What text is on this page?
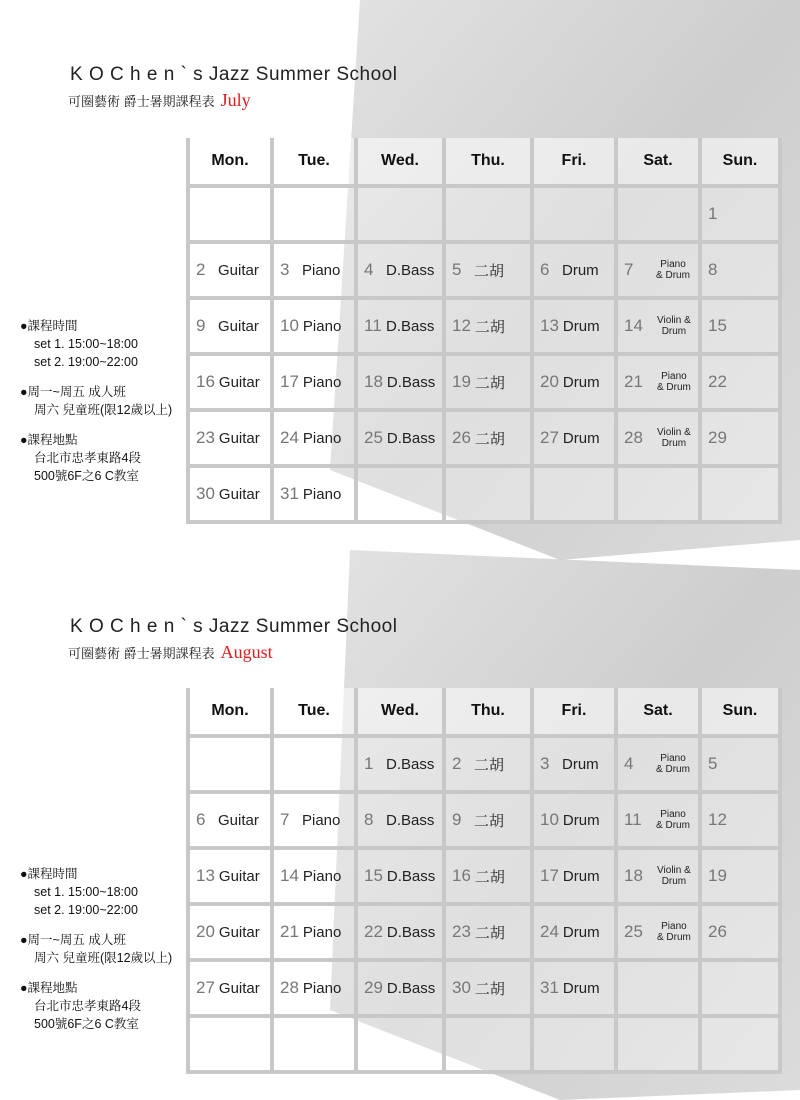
K O C h e n ` s Jazz Summer School
可圈藝術 爵士暑期課程表 July
●課程時間
set 1. 15:00~18:00
set 2. 19:00~22:00
●周一~周五 成人班
周六 兒童班(限12歲以上)
●課程地點
台北市忠孝東路4段
500號6F之6 C教室
Mon.	Tue.	Wed.	Thu.	Fri.	Sat.	Sun.

						1

2 Guitar	3 Piano	4 D.Bass	5 二胡	6 Drum	7 Piano & Drum	8

9 Guitar	10 Piano	11 D.Bass	12 二胡	13 Drum	14 Violin & Drum	15

16 Guitar	17 Piano	18 D.Bass	19 二胡	20 Drum	21 Piano & Drum	22

23 Guitar	24 Piano	25 D.Bass	26 二胡	27 Drum	28 Violin & Drum	29

30 Guitar	31 Piano					

K O C h e n ` s Jazz Summer School
可圈藝術 爵士暑期課程表 August
●課程時間
set 1. 15:00~18:00
set 2. 19:00~22:00
●周一~周五 成人班
周六 兒童班(限12歲以上)
●課程地點
台北市忠孝東路4段
500號6F之6 C教室
Mon.	Tue.	Wed.	Thu.	Fri.	Sat.	Sun.

		1 D.Bass	2 二胡	3 Drum	4 Piano & Drum	5

6 Guitar	7 Piano	8 D.Bass	9 二胡	10 Drum	11 Piano & Drum	12

13 Guitar	14 Piano	15 D.Bass	16 二胡	17 Drum	18 Violin & Drum	19

20 Guitar	21 Piano	22 D.Bass	23 二胡	24 Drum	25 Piano & Drum	26

27 Guitar	28 Piano	29 D.Bass	30 二胡	31 Drum		
